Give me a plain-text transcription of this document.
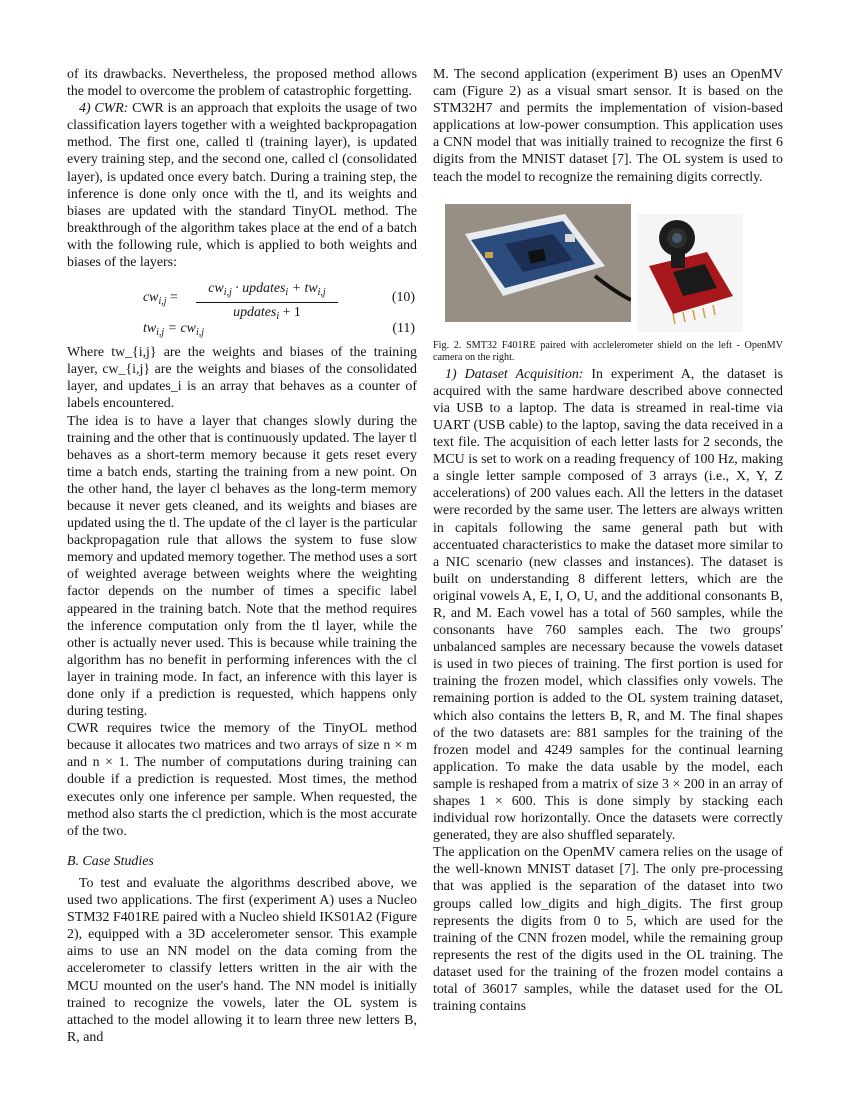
of its drawbacks. Nevertheless, the proposed method allows the model to overcome the problem of catastrophic forgetting.

4) CWR: CWR is an approach that exploits the usage of two classification layers together with a weighted backpropagation method. The first one, called tl (training layer), is updated every training step, and the second one, called cl (consolidated layer), is updated once every batch. During a training step, the inference is done only once with the tl, and its weights and biases are updated with the standard TinyOL method. The breakthrough of the algorithm takes place at the end of a batch with the following rule, which is applied to both weights and biases of the layers:

$cw_{i,j}$ =
$cw_{i,j}$ · updates$_i$ + $tw_{i,j}$
updates$_i$ + 1
(10)
$tw_{i,j} = cw_{i,j}$	(11)

Where tw_{i,j} are the weights and biases of the training layer, cw_{i,j} are the weights and biases of the consolidated layer, and updates_i is an array that behaves as a counter of labels encountered.

The idea is to have a layer that changes slowly during the training and the other that is continuously updated. The layer tl behaves as a short-term memory because it gets reset every time a batch ends, starting the training from a new point. On the other hand, the layer cl behaves as the long-term memory because it never gets cleaned, and its weights and biases are updated using the tl. The update of the cl layer is the particular backpropagation rule that allows the system to fuse slow memory and updated memory together. The method uses a sort of weighted average between weights where the weighting factor depends on the number of times a specific label appeared in the training batch. Note that the method requires the inference computation only from the tl layer, while the other is actually never used. This is because while training the algorithm has no benefit in performing inferences with the cl layer in training mode. In fact, an inference with this layer is done only if a prediction is requested, which happens only during testing.

CWR requires twice the memory of the TinyOL method because it allocates two matrices and two arrays of size n × m and n × 1. The number of computations during training can double if a prediction is requested. Most times, the method executes only one inference per sample. When requested, the method also starts the cl prediction, which is the most accurate of the two.

B. Case Studies

To test and evaluate the algorithms described above, we used two applications. The first (experiment A) uses a Nucleo STM32 F401RE paired with a Nucleo shield IKS01A2 (Figure 2), equipped with a 3D accelerometer sensor. This example aims to use an NN model on the data coming from the accelerometer to classify letters written in the air with the MCU mounted on the user's hand. The NN model is initially trained to recognize the vowels, later the OL system is attached to the model allowing it to learn three new letters B, R, and

M. The second application (experiment B) uses an OpenMV cam (Figure 2) as a visual smart sensor. It is based on the STM32H7 and permits the implementation of vision-based applications at low-power consumption. This application uses a CNN model that was initially trained to recognize the first 6 digits from the MNIST dataset [7]. The OL system is used to teach the model to recognize the remaining digits correctly.

Fig. 2. SMT32 F401RE paired with acclelerometer shield on the left - OpenMV camera on the right.

1) Dataset Acquisition: In experiment A, the dataset is acquired with the same hardware described above connected via USB to a laptop. The data is streamed in real-time via UART (USB cable) to the laptop, saving the data received in a text file. The acquisition of each letter lasts for 2 seconds, the MCU is set to work on a reading frequency of 100 Hz, making a single letter sample composed of 3 arrays (i.e., X, Y, Z accelerations) of 200 values each. All the letters in the dataset were recorded by the same user. The letters are always written in capitals following the same general path but with accentuated characteristics to make the dataset more similar to a NIC scenario (new classes and instances). The dataset is built on understanding 8 different letters, which are the original vowels A, E, I, O, U, and the additional consonants B, R, and M. Each vowel has a total of 560 samples, while the consonants have 760 samples each. The two groups' unbalanced samples are necessary because the vowels dataset is used in two pieces of training. The first portion is used for training the frozen model, which classifies only vowels. The remaining portion is added to the OL system training dataset, which also contains the letters B, R, and M. The final shapes of the two datasets are: 881 samples for the training of the frozen model and 4249 samples for the continual learning application. To make the data usable by the model, each sample is reshaped from a matrix of size 3 × 200 in an array of shapes 1 × 600. This is done simply by stacking each individual row horizontally. Once the datasets were correctly generated, they are also shuffled separately.

The application on the OpenMV camera relies on the usage of the well-known MNIST dataset [7]. The only pre-processing that was applied is the separation of the dataset into two groups called low_digits and high_digits. The first group represents the digits from 0 to 5, which are used for the training of the CNN frozen model, while the remaining group represents the rest of the digits used in the OL training. The dataset used for the training of the frozen model contains a total of 36017 samples, while the dataset used for the OL training contains
